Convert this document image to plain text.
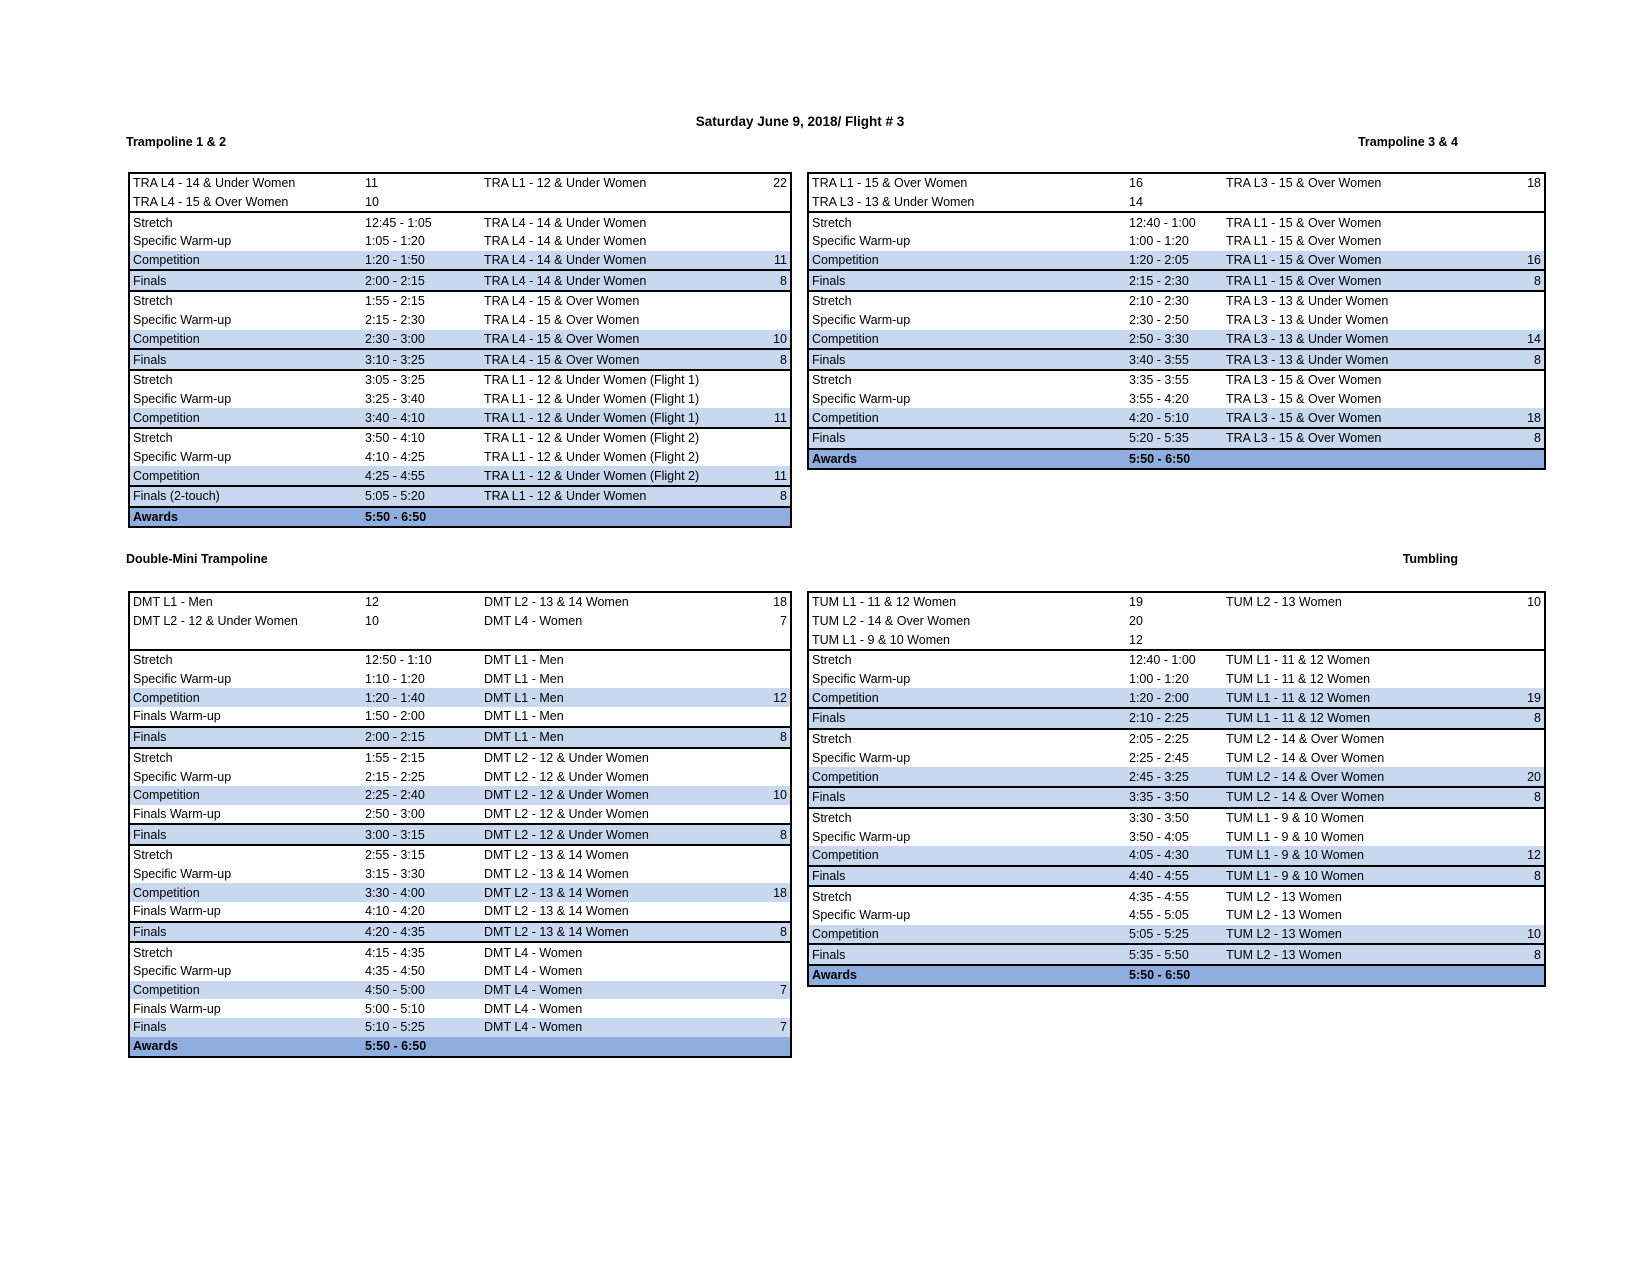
Saturday June 9, 2018/ Flight # 3
Trampoline 1 & 2	Trampoline 3 & 4
Double-Mini Trampoline	Tumbling
TRA L4 - 14 & Under Women	11	TRA L1 - 12 & Under Women	22
TRA L4 - 15 & Over Women	10		
Stretch	12:45 - 1:05	TRA L4 - 14 & Under Women	
Specific Warm-up	1:05 - 1:20	TRA L4 - 14 & Under Women	
Competition	1:20 - 1:50	TRA L4 - 14 & Under Women	11
Finals	2:00 - 2:15	TRA L4 - 14 & Under Women	8
Stretch	1:55 - 2:15	TRA L4 - 15 & Over Women	
Specific Warm-up	2:15 - 2:30	TRA L4 - 15 & Over Women	
Competition	2:30 - 3:00	TRA L4 - 15 & Over Women	10
Finals	3:10 - 3:25	TRA L4 - 15 & Over Women	8
Stretch	3:05 - 3:25	TRA L1 - 12 & Under Women (Flight 1)	
Specific Warm-up	3:25 - 3:40	TRA L1 - 12 & Under Women (Flight 1)	
Competition	3:40 - 4:10	TRA L1 - 12 & Under Women (Flight 1)	11
Stretch	3:50 - 4:10	TRA L1 - 12 & Under Women (Flight 2)	
Specific Warm-up	4:10 - 4:25	TRA L1 - 12 & Under Women (Flight 2)	
Competition	4:25 - 4:55	TRA L1 - 12 & Under Women (Flight 2)	11
Finals (2-touch)	5:05 - 5:20	TRA L1 - 12 & Under Women	8
Awards	5:50 - 6:50		
TRA L1 - 15 & Over Women	16	TRA L3 - 15 & Over Women	18
TRA L3 - 13 & Under Women	14		
Stretch	12:40 - 1:00	TRA L1 - 15 & Over Women	
Specific Warm-up	1:00 - 1:20	TRA L1 - 15 & Over Women	
Competition	1:20 - 2:05	TRA L1 - 15 & Over Women	16
Finals	2:15 - 2:30	TRA L1 - 15 & Over Women	8
Stretch	2:10 - 2:30	TRA L3 - 13 & Under Women	
Specific Warm-up	2:30 - 2:50	TRA L3 - 13 & Under Women	
Competition	2:50 - 3:30	TRA L3 - 13 & Under Women	14
Finals	3:40 - 3:55	TRA L3 - 13 & Under Women	8
Stretch	3:35 - 3:55	TRA L3 - 15 & Over Women	
Specific Warm-up	3:55 - 4:20	TRA L3 - 15 & Over Women	
Competition	4:20 - 5:10	TRA L3 - 15 & Over Women	18
Finals	5:20 - 5:35	TRA L3 - 15 & Over Women	8
Awards	5:50 - 6:50		
DMT L1 - Men	12	DMT L2 - 13 & 14 Women	18
DMT L2 - 12 & Under Women	10	DMT L4 - Women	7

Stretch	12:50 - 1:10	DMT L1 - Men	
Specific Warm-up	1:10 - 1:20	DMT L1 - Men	
Competition	1:20 - 1:40	DMT L1 - Men	12
Finals Warm-up	1:50 - 2:00	DMT L1 - Men	
Finals	2:00 - 2:15	DMT L1 - Men	8
Stretch	1:55 - 2:15	DMT L2 - 12 & Under Women	
Specific Warm-up	2:15 - 2:25	DMT L2 - 12 & Under Women	
Competition	2:25 - 2:40	DMT L2 - 12 & Under Women	10
Finals Warm-up	2:50 - 3:00	DMT L2 - 12 & Under Women	
Finals	3:00 - 3:15	DMT L2 - 12 & Under Women	8
Stretch	2:55 - 3:15	DMT L2 - 13 & 14 Women	
Specific Warm-up	3:15 - 3:30	DMT L2 - 13 & 14 Women	
Competition	3:30 - 4:00	DMT L2 - 13 & 14 Women	18
Finals Warm-up	4:10 - 4:20	DMT L2 - 13 & 14 Women	
Finals	4:20 - 4:35	DMT L2 - 13 & 14 Women	8
Stretch	4:15 - 4:35	DMT L4 - Women	
Specific Warm-up	4:35 - 4:50	DMT L4 - Women	
Competition	4:50 - 5:00	DMT L4 - Women	7
Finals Warm-up	5:00 - 5:10	DMT L4 - Women	
Finals	5:10 - 5:25	DMT L4 - Women	7
Awards	5:50 - 6:50		
TUM L1 - 11 & 12 Women	19	TUM L2 - 13 Women	10
TUM L2 - 14 & Over Women	20		
TUM L1 - 9 & 10 Women	12		
Stretch	12:40 - 1:00	TUM L1 - 11 & 12 Women	
Specific Warm-up	1:00 - 1:20	TUM L1 - 11 & 12 Women	
Competition	1:20 - 2:00	TUM L1 - 11 & 12 Women	19
Finals	2:10 - 2:25	TUM L1 - 11 & 12 Women	8
Stretch	2:05 - 2:25	TUM L2 - 14 & Over Women	
Specific Warm-up	2:25 - 2:45	TUM L2 - 14 & Over Women	
Competition	2:45 - 3:25	TUM L2 - 14 & Over Women	20
Finals	3:35 - 3:50	TUM L2 - 14 & Over Women	8
Stretch	3:30 - 3:50	TUM L1 - 9 & 10 Women	
Specific Warm-up	3:50 - 4:05	TUM L1 - 9 & 10 Women	
Competition	4:05 - 4:30	TUM L1 - 9 & 10 Women	12
Finals	4:40 - 4:55	TUM L1 - 9 & 10 Women	8
Stretch	4:35 - 4:55	TUM L2 - 13 Women	
Specific Warm-up	4:55 - 5:05	TUM L2 - 13 Women	
Competition	5:05 - 5:25	TUM L2 - 13 Women	10
Finals	5:35 - 5:50	TUM L2 - 13 Women	8
Awards	5:50 - 6:50		
